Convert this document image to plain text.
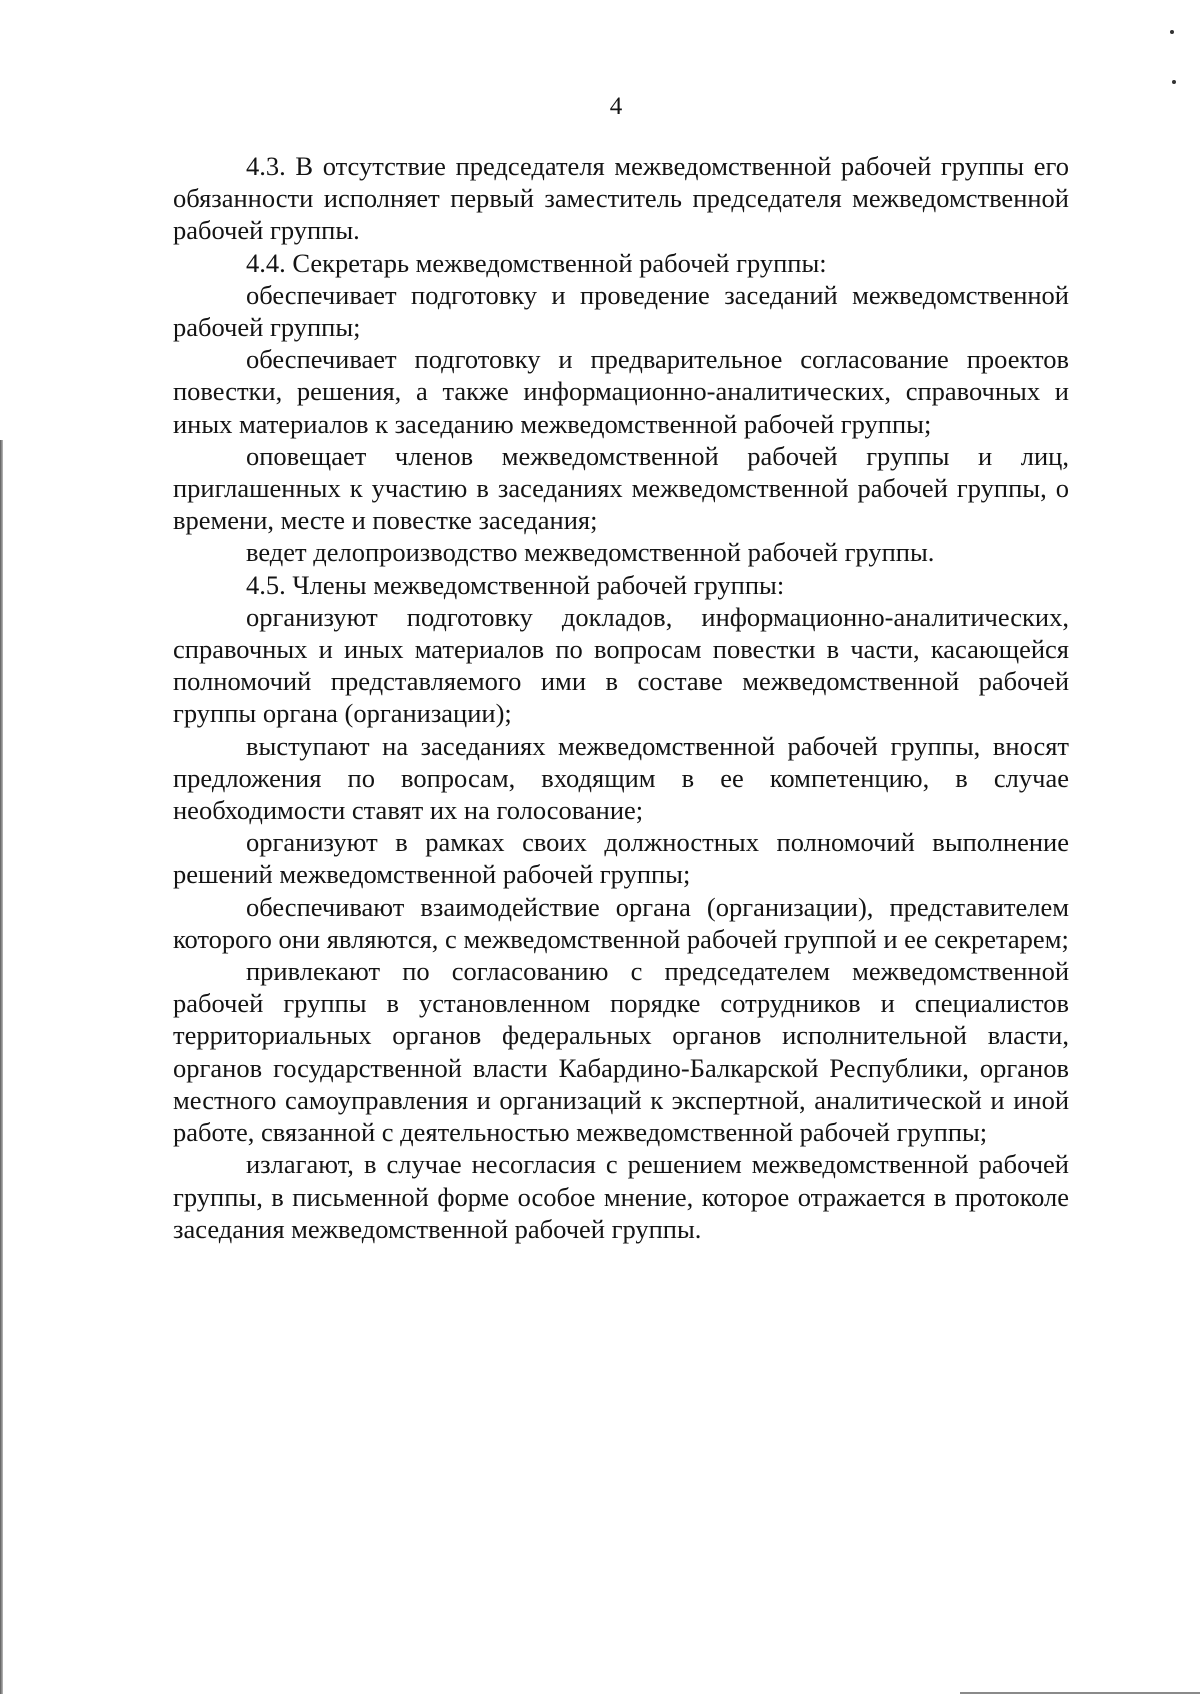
4

4.3. В отсутствие председателя межведомственной рабочей группы его обязанности исполняет первый заместитель председателя межведомственной рабочей группы.

4.4. Секретарь межведомственной рабочей группы:

обеспечивает подготовку и проведение заседаний межведомственной рабочей группы;

обеспечивает подготовку и предварительное согласование проектов повестки, решения, а также информационно-аналитических, справочных и иных материалов к заседанию межведомственной рабочей группы;

оповещает членов межведомственной рабочей группы и лиц, приглашенных к участию в заседаниях межведомственной рабочей группы, о времени, месте и повестке заседания;

ведет делопроизводство межведомственной рабочей группы.

4.5. Члены межведомственной рабочей группы:

организуют подготовку докладов, информационно-аналитических, справочных и иных материалов по вопросам повестки в части, касающейся полномочий представляемого ими в составе межведомственной рабочей группы органа (организации);

выступают на заседаниях межведомственной рабочей группы, вносят предложения по вопросам, входящим в ее компетенцию, в случае необходимости ставят их на голосование;

организуют в рамках своих должностных полномочий выполнение решений межведомственной рабочей группы;

обеспечивают взаимодействие органа (организации), представителем которого они являются, с межведомственной рабочей группой и ее секретарем;

привлекают по согласованию с председателем межведомственной рабочей группы в установленном порядке сотрудников и специалистов территориальных органов федеральных органов исполнительной власти, органов государственной власти Кабардино-Балкарской Республики, органов местного самоуправления и организаций к экспертной, аналитической и иной работе, связанной с деятельностью межведомственной рабочей группы;

излагают, в случае несогласия с решением межведомственной рабочей группы, в письменной форме особое мнение, которое отражается в протоколе заседания межведомственной рабочей группы.
